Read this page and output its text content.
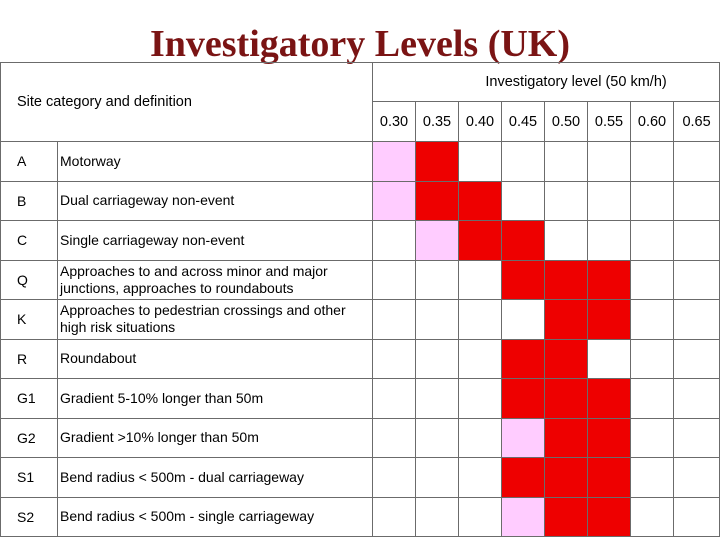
Investigatory Levels (UK)
Site category and definition		Investigatory level (50 km/h)							
		0.30	0.35	0.40	0.45	0.50	0.55	0.60	0.65
A	Motorway								
B	Dual carriageway non-event								
C	Single carriageway non-event								
Q	Approaches to and across minor and major junctions, approaches to roundabouts								
K	Approaches to pedestrian crossings and other high risk situations								
R	Roundabout								
G1	Gradient 5-10% longer than 50m								
G2	Gradient >10% longer than 50m								
S1	Bend radius < 500m - dual carriageway								
S2	Bend radius < 500m - single carriageway								
